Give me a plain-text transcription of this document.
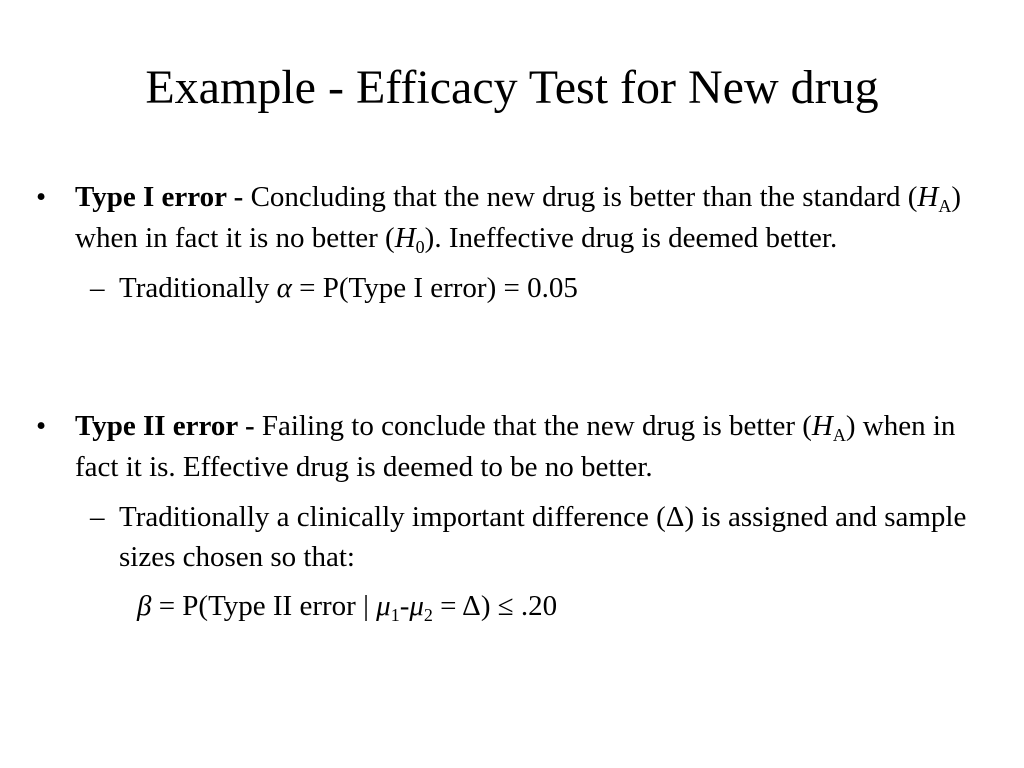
Example - Efficacy Test for New drug
• Type I error - Concluding that the new drug is better than the standard $(H_A)$ when in fact it is no better $(H_0)$. Ineffective drug is deemed better.
– Traditionally α = P(Type I error) = 0.05
• Type II error - Failing to conclude that the new drug is better $(H_A)$ when in fact it is. Effective drug is deemed to be no better.
– Traditionally a clinically important difference (Δ) is assigned and sample sizes chosen so that:
β = P(Type II error | $\mu_1-\mu_2 = \Delta) \le .20$
